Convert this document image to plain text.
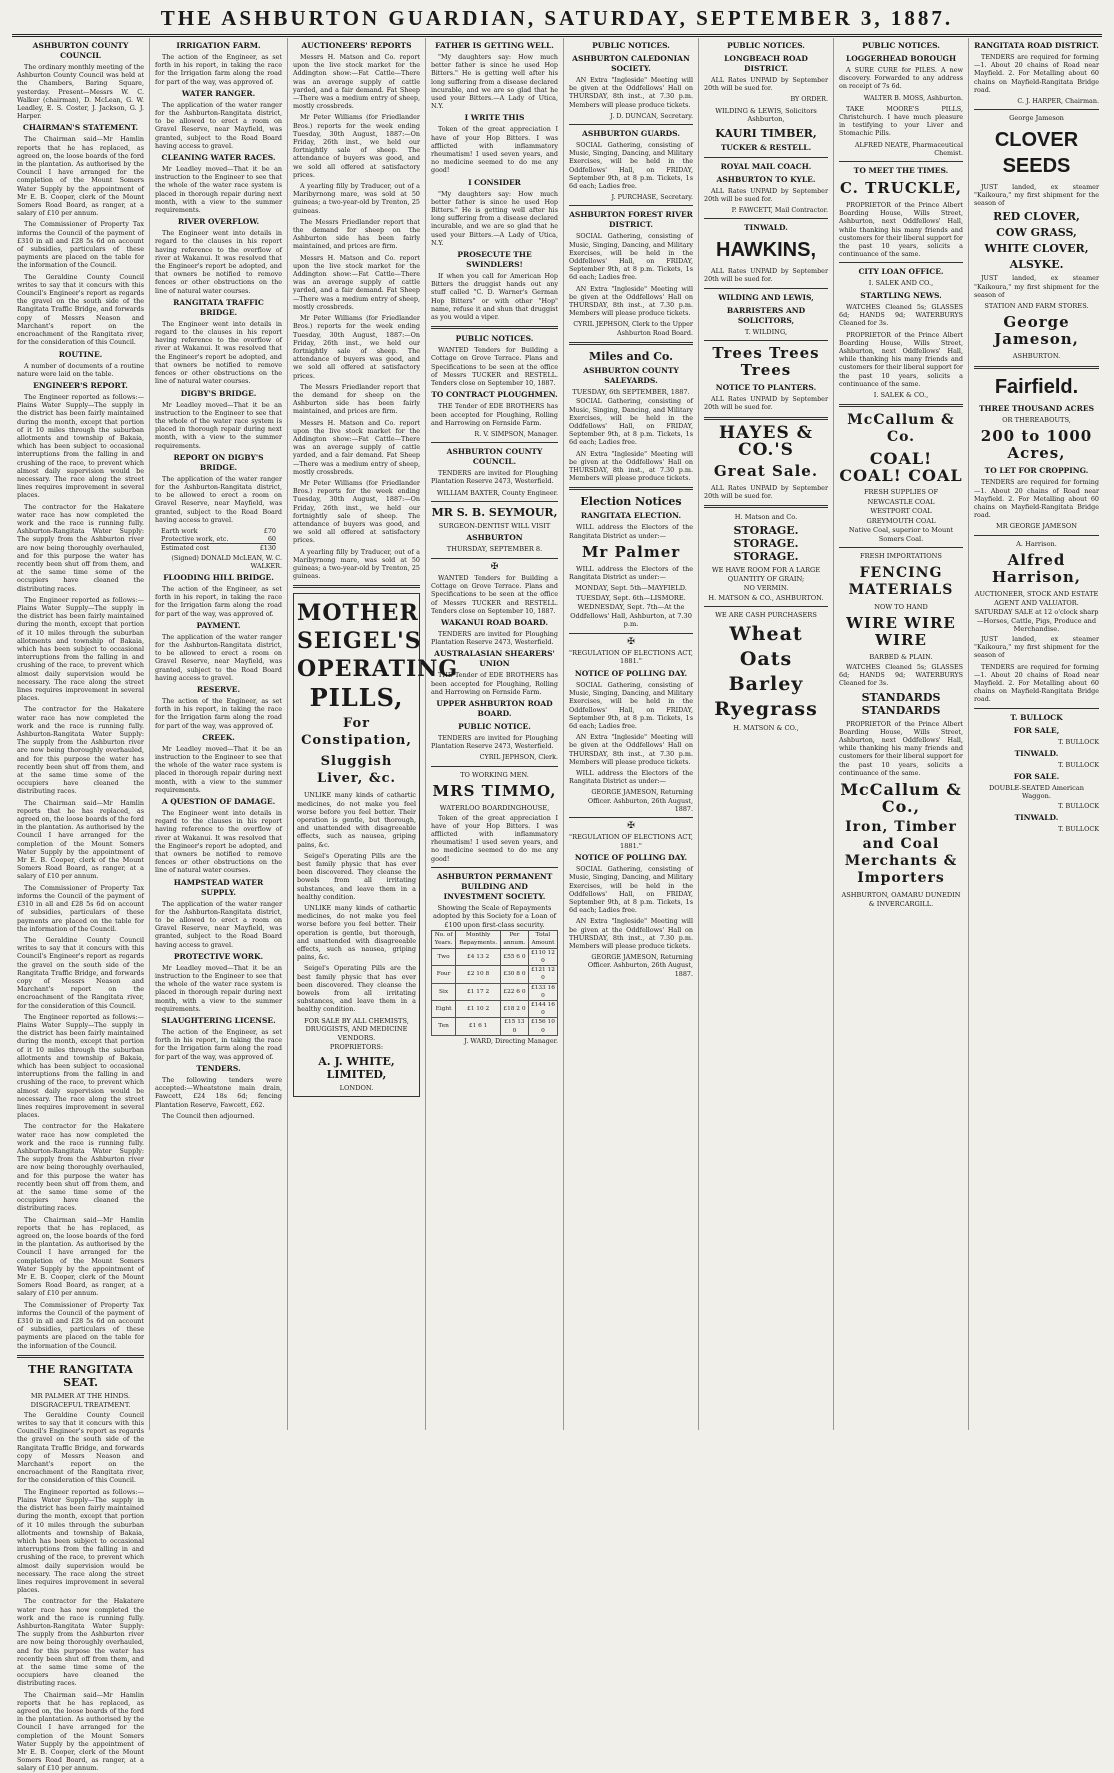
THE ASHBURTON GUARDIAN, SATURDAY, SEPTEMBER 3, 1887.
ASHBURTON COUNTY COUNCIL

The ordinary monthly meeting of the Ashburton County Council was held at the Chambers, Baring Square, yesterday. Present—Messrs W. C. Walker (chairman), D. McLean, G. W. Leadley, E. S. Coster, J. Jackson, G. J. Harper.

CHAIRMAN'S STATEMENT.

The Chairman said—Mr Hamlin reports that he has replaced, as agreed on, the loose boards of the ford in the plantation. As authorised by the Council I have arranged for the completion of the Mount Somers Water Supply by the appointment of Mr E. B. Cooper, clerk of the Mount Somers Road Board, as ranger, at a salary of £10 per annum.

The Commissioner of Property Tax informs the Council of the payment of £310 in all and £28 5s 6d on account of subsidies, particulars of these payments are placed on the table for the information of the Council.

The Geraldine County Council writes to say that it concurs with this Council's Engineer's report as regards the gravel on the south side of the Rangitata Traffic Bridge, and forwards copy of Messrs Neason and Marchant's report on the encroachment of the Rangitata river, for the consideration of this Council.

ROUTINE.

A number of documents of a routine nature were laid on the table.

ENGINEER'S REPORT.

The Engineer reported as follows:—Plains Water Supply—The supply in the district has been fairly maintained during the month, except that portion of it 10 miles through the suburban allotments and township of Bakaia, which has been subject to occasional interruptions from the falling in and crushing of the race, to prevent which almost daily supervision would be necessary. The race along the street lines requires improvement in several places.

The contractor for the Hakatere water race has now completed the work and the race is running fully. Ashburton-Rangitata Water Supply: The supply from the Ashburton river are now being thoroughly overhauled, and for this purpose the water has recently been shut off from them, and at the same time some of the occupiers have cleaned the distributing races.

The Engineer reported as follows:—Plains Water Supply—The supply in the district has been fairly maintained during the month, except that portion of it 10 miles through the suburban allotments and township of Bakaia, which has been subject to occasional interruptions from the falling in and crushing of the race, to prevent which almost daily supervision would be necessary. The race along the street lines requires improvement in several places.

The contractor for the Hakatere water race has now completed the work and the race is running fully. Ashburton-Rangitata Water Supply: The supply from the Ashburton river are now being thoroughly overhauled, and for this purpose the water has recently been shut off from them, and at the same time some of the occupiers have cleaned the distributing races.

The Chairman said—Mr Hamlin reports that he has replaced, as agreed on, the loose boards of the ford in the plantation. As authorised by the Council I have arranged for the completion of the Mount Somers Water Supply by the appointment of Mr E. B. Cooper, clerk of the Mount Somers Road Board, as ranger, at a salary of £10 per annum.

The Commissioner of Property Tax informs the Council of the payment of £310 in all and £28 5s 6d on account of subsidies, particulars of these payments are placed on the table for the information of the Council.

The Geraldine County Council writes to say that it concurs with this Council's Engineer's report as regards the gravel on the south side of the Rangitata Traffic Bridge, and forwards copy of Messrs Neason and Marchant's report on the encroachment of the Rangitata river, for the consideration of this Council.

The Engineer reported as follows:—Plains Water Supply—The supply in the district has been fairly maintained during the month, except that portion of it 10 miles through the suburban allotments and township of Bakaia, which has been subject to occasional interruptions from the falling in and crushing of the race, to prevent which almost daily supervision would be necessary. The race along the street lines requires improvement in several places.

The contractor for the Hakatere water race has now completed the work and the race is running fully. Ashburton-Rangitata Water Supply: The supply from the Ashburton river are now being thoroughly overhauled, and for this purpose the water has recently been shut off from them, and at the same time some of the occupiers have cleaned the distributing races.

The Chairman said—Mr Hamlin reports that he has replaced, as agreed on, the loose boards of the ford in the plantation. As authorised by the Council I have arranged for the completion of the Mount Somers Water Supply by the appointment of Mr E. B. Cooper, clerk of the Mount Somers Road Board, as ranger, at a salary of £10 per annum.

The Commissioner of Property Tax informs the Council of the payment of £310 in all and £28 5s 6d on account of subsidies, particulars of these payments are placed on the table for the information of the Council.

THE RANGITATA SEAT.
MR PALMER AT THE HINDS.
DISGRACEFUL TREATMENT.

The Geraldine County Council writes to say that it concurs with this Council's Engineer's report as regards the gravel on the south side of the Rangitata Traffic Bridge, and forwards copy of Messrs Neason and Marchant's report on the encroachment of the Rangitata river, for the consideration of this Council.

The Engineer reported as follows:—Plains Water Supply—The supply in the district has been fairly maintained during the month, except that portion of it 10 miles through the suburban allotments and township of Bakaia, which has been subject to occasional interruptions from the falling in and crushing of the race, to prevent which almost daily supervision would be necessary. The race along the street lines requires improvement in several places.

The contractor for the Hakatere water race has now completed the work and the race is running fully. Ashburton-Rangitata Water Supply: The supply from the Ashburton river are now being thoroughly overhauled, and for this purpose the water has recently been shut off from them, and at the same time some of the occupiers have cleaned the distributing races.

The Chairman said—Mr Hamlin reports that he has replaced, as agreed on, the loose boards of the ford in the plantation. As authorised by the Council I have arranged for the completion of the Mount Somers Water Supply by the appointment of Mr E. B. Cooper, clerk of the Mount Somers Road Board, as ranger, at a salary of £10 per annum.

IRRIGATION FARM.

The action of the Engineer, as set forth in his report, in taking the race for the Irrigation farm along the road for part of the way, was approved of.

WATER RANGER.

The application of the water ranger for the Ashburton-Rangitata district, to be allowed to erect a room on Gravel Reserve, near Mayfield, was granted, subject to the Road Board having access to gravel.

CLEANING WATER RACES.

Mr Leadley moved—That it be an instruction to the Engineer to see that the whole of the water race system is placed in thorough repair during next month, with a view to the summer requirements.

RIVER OVERFLOW.

The Engineer went into details in regard to the clauses in his report having reference to the overflow of river at Wakanui. It was resolved that the Engineer's report be adopted, and that owners be notified to remove fences or other obstructions on the line of natural water courses.

RANGITATA TRAFFIC BRIDGE.

The Engineer went into details in regard to the clauses in his report having reference to the overflow of river at Wakanui. It was resolved that the Engineer's report be adopted, and that owners be notified to remove fences or other obstructions on the line of natural water courses.

DIGBY'S BRIDGE.

Mr Leadley moved—That it be an instruction to the Engineer to see that the whole of the water race system is placed in thorough repair during next month, with a view to the summer requirements.

REPORT ON DIGBY'S BRIDGE.

The application of the water ranger for the Ashburton-Rangitata district, to be allowed to erect a room on Gravel Reserve, near Mayfield, was granted, subject to the Road Board having access to gravel.

Earth work	£70
Protective work, etc.	60
Estimated cost	£130
(Signed) DONALD McLEAN, W. C. WALKER.
FLOODING HILL BRIDGE.

The action of the Engineer, as set forth in his report, in taking the race for the Irrigation farm along the road for part of the way, was approved of.

PAYMENT.

The application of the water ranger for the Ashburton-Rangitata district, to be allowed to erect a room on Gravel Reserve, near Mayfield, was granted, subject to the Road Board having access to gravel.

RESERVE.

The action of the Engineer, as set forth in his report, in taking the race for the Irrigation farm along the road for part of the way, was approved of.

CREEK.

Mr Leadley moved—That it be an instruction to the Engineer to see that the whole of the water race system is placed in thorough repair during next month, with a view to the summer requirements.

A QUESTION OF DAMAGE.

The Engineer went into details in regard to the clauses in his report having reference to the overflow of river at Wakanui. It was resolved that the Engineer's report be adopted, and that owners be notified to remove fences or other obstructions on the line of natural water courses.

HAMPSTEAD WATER SUPPLY.

The application of the water ranger for the Ashburton-Rangitata district, to be allowed to erect a room on Gravel Reserve, near Mayfield, was granted, subject to the Road Board having access to gravel.

PROTECTIVE WORK.

Mr Leadley moved—That it be an instruction to the Engineer to see that the whole of the water race system is placed in thorough repair during next month, with a view to the summer requirements.

SLAUGHTERING LICENSE.

The action of the Engineer, as set forth in his report, in taking the race for the Irrigation farm along the road for part of the way, was approved of.

TENDERS.

The following tenders were accepted:—Wheatstone main drain, Fawcett, £24 18s 6d; fencing Plantation Reserve, Fawcett, £62.

The Council then adjourned.

AUCTIONEERS' REPORTS

Messrs H. Matson and Co. report upon the live stock market for the Addington show:—Fat Cattle—There was an average supply of cattle yarded, and a fair demand. Fat Sheep—There was a medium entry of sheep, mostly crossbreds.

Mr Peter Williams (for Friedlander Bros.) reports for the week ending Tuesday, 30th August, 1887:—On Friday, 26th inst., we held our fortnightly sale of sheep. The attendance of buyers was good, and we sold all offered at satisfactory prices.

A yearling filly by Traducer, out of a Maribyrnong mare, was sold at 50 guineas; a two-year-old by Trenton, 25 guineas.

The Messrs Friedlander report that the demand for sheep on the Ashburton side has been fairly maintained, and prices are firm.

Messrs H. Matson and Co. report upon the live stock market for the Addington show:—Fat Cattle—There was an average supply of cattle yarded, and a fair demand. Fat Sheep—There was a medium entry of sheep, mostly crossbreds.

Mr Peter Williams (for Friedlander Bros.) reports for the week ending Tuesday, 30th August, 1887:—On Friday, 26th inst., we held our fortnightly sale of sheep. The attendance of buyers was good, and we sold all offered at satisfactory prices.

The Messrs Friedlander report that the demand for sheep on the Ashburton side has been fairly maintained, and prices are firm.

Messrs H. Matson and Co. report upon the live stock market for the Addington show:—Fat Cattle—There was an average supply of cattle yarded, and a fair demand. Fat Sheep—There was a medium entry of sheep, mostly crossbreds.

Mr Peter Williams (for Friedlander Bros.) reports for the week ending Tuesday, 30th August, 1887:—On Friday, 26th inst., we held our fortnightly sale of sheep. The attendance of buyers was good, and we sold all offered at satisfactory prices.

A yearling filly by Traducer, out of a Maribyrnong mare, was sold at 50 guineas; a two-year-old by Trenton, 25 guineas.

MOTHER
SEIGEL'S
OPERATING
PILLS,
For Constipation,
Sluggish Liver, &c.

UNLIKE many kinds of cathartic medicines, do not make you feel worse before you feel better. Their operation is gentle, but thorough, and unattended with disagreeable effects, such as nausea, griping pains, &c.

Seigel's Operating Pills are the best family physic that has ever been discovered. They cleanse the bowels from all irritating substances, and leave them in a healthy condition.

UNLIKE many kinds of cathartic medicines, do not make you feel worse before you feel better. Their operation is gentle, but thorough, and unattended with disagreeable effects, such as nausea, griping pains, &c.

Seigel's Operating Pills are the best family physic that has ever been discovered. They cleanse the bowels from all irritating substances, and leave them in a healthy condition.

FOR SALE BY ALL CHEMISTS, DRUGGISTS, AND MEDICINE VENDORS.
PROPRIETORS:
A. J. WHITE, LIMITED,
LONDON.
FATHER IS GETTING WELL.

"My daughters say: How much better father is since he used Hop Bitters." He is getting well after his long suffering from a disease declared incurable, and we are so glad that he used your Bitters.—A Lady of Utica, N.Y.

I WRITE THIS

Token of the great appreciation I have of your Hop Bitters. I was afflicted with inflammatory rheumatism! I used seven years, and no medicine seemed to do me any good!

I CONSIDER

"My daughters say: How much better father is since he used Hop Bitters." He is getting well after his long suffering from a disease declared incurable, and we are so glad that he used your Bitters.—A Lady of Utica, N.Y.

PROSECUTE THE SWINDLERS!

If when you call for American Hop Bitters the druggist hands out any stuff called "C. D. Warner's German Hop Bitters" or with other "Hop" name, refuse it and shun that druggist as you would a viper.

PUBLIC NOTICES.

WANTED Tenders for Building a Cottage on Grove Terrace. Plans and Specifications to be seen at the office of Messrs TUCKER and RESTELL. Tenders close on September 10, 1887.

TO CONTRACT PLOUGHMEN.

THE Tender of EDE BROTHERS has been accepted for Ploughing, Rolling and Harrowing on Fernside Farm.

R. V. SIMPSON, Manager.
ASHBURTON COUNTY COUNCIL.

TENDERS are invited for Ploughing Plantation Reserve 2473, Westerfield.

WILLIAM BAXTER, County Engineer.
MR S. B. SEYMOUR,
SURGEON-DENTIST WILL VISIT
ASHBURTON
THURSDAY, SEPTEMBER 8.
✠

WANTED Tenders for Building a Cottage on Grove Terrace. Plans and Specifications to be seen at the office of Messrs TUCKER and RESTELL. Tenders close on September 10, 1887.

WAKANUI ROAD BOARD.

TENDERS are invited for Ploughing Plantation Reserve 2473, Westerfield.

AUSTRALASIAN SHEARERS' UNION

THE Tender of EDE BROTHERS has been accepted for Ploughing, Rolling and Harrowing on Fernside Farm.

UPPER ASHBURTON ROAD BOARD.
PUBLIC NOTICE.

TENDERS are invited for Ploughing Plantation Reserve 2473, Westerfield.

CYRIL JEPHSON, Clerk.
TO WORKING MEN.
MRS TIMMO,
WATERLOO BOARDINGHOUSE,

Token of the great appreciation I have of your Hop Bitters. I was afflicted with inflammatory rheumatism! I used seven years, and no medicine seemed to do me any good!

ASHBURTON PERMANENT BUILDING AND INVESTMENT SOCIETY.
Showing the Scale of Repayments adopted by this Society for a Loan of £100 upon first-class security.
No. of Years.	Monthly Repayments.	Per annum.	Total Amount
Two	£4 13 2	£55 6 0	£110 12 0
Four	£2 10 8	£30 8 0	£121 12 0
Six	£1 17 2	£22 6 0	£133 16 0
Eight	£1 10 2	£18 2 0	£144 16 0
Ten	£1 6 1	£15 13 0	£156 10 0
J. WARD, Directing Manager.
PUBLIC NOTICES.
ASHBURTON CALEDONIAN SOCIETY.

AN Extra "Ingleside" Meeting will be given at the Oddfellows' Hall on THURSDAY, 8th inst., at 7.30 p.m. Members will please produce tickets.

J. D. DUNCAN, Secretary.
ASHBURTON GUARDS.

SOCIAL Gathering, consisting of Music, Singing, Dancing, and Military Exercises, will be held in the Oddfellows' Hall, on FRIDAY, September 9th, at 8 p.m. Tickets, 1s 6d each; Ladies free.

J. PURCHASE, Secretary.
ASHBURTON FOREST RIVER DISTRICT.

SOCIAL Gathering, consisting of Music, Singing, Dancing, and Military Exercises, will be held in the Oddfellows' Hall, on FRIDAY, September 9th, at 8 p.m. Tickets, 1s 6d each; Ladies free.

AN Extra "Ingleside" Meeting will be given at the Oddfellows' Hall on THURSDAY, 8th inst., at 7.30 p.m. Members will please produce tickets.

CYRIL JEPHSON, Clerk to the Upper Ashburton Road Board.
Miles and Co.
ASHBURTON COUNTY SALEYARDS.
TUESDAY, 6th SEPTEMBER, 1887.

SOCIAL Gathering, consisting of Music, Singing, Dancing, and Military Exercises, will be held in the Oddfellows' Hall, on FRIDAY, September 9th, at 8 p.m. Tickets, 1s 6d each; Ladies free.

AN Extra "Ingleside" Meeting will be given at the Oddfellows' Hall on THURSDAY, 8th inst., at 7.30 p.m. Members will please produce tickets.

Election Notices
RANGITATA ELECTION.

WILL address the Electors of the Rangitata District as under:—

Mr Palmer

WILL address the Electors of the Rangitata District as under:—

MONDAY, Sept. 5th—MAYFIELD.
TUESDAY, Sept. 6th—LISMORE.
WEDNESDAY, Sept. 7th—At the Oddfellows' Hall, Ashburton, at 7.30 p.m.
✠
"REGULATION OF ELECTIONS ACT, 1881."
NOTICE OF POLLING DAY.

SOCIAL Gathering, consisting of Music, Singing, Dancing, and Military Exercises, will be held in the Oddfellows' Hall, on FRIDAY, September 9th, at 8 p.m. Tickets, 1s 6d each; Ladies free.

AN Extra "Ingleside" Meeting will be given at the Oddfellows' Hall on THURSDAY, 8th inst., at 7.30 p.m. Members will please produce tickets.

WILL address the Electors of the Rangitata District as under:—

GEORGE JAMESON, Returning Officer. Ashburton, 26th August, 1887.
✠
"REGULATION OF ELECTIONS ACT, 1881."
NOTICE OF POLLING DAY.

SOCIAL Gathering, consisting of Music, Singing, Dancing, and Military Exercises, will be held in the Oddfellows' Hall, on FRIDAY, September 9th, at 8 p.m. Tickets, 1s 6d each; Ladies free.

AN Extra "Ingleside" Meeting will be given at the Oddfellows' Hall on THURSDAY, 8th inst., at 7.30 p.m. Members will please produce tickets.

GEORGE JAMESON, Returning Officer. Ashburton, 26th August, 1887.
PUBLIC NOTICES.
LONGBEACH ROAD DISTRICT.

ALL Rates UNPAID by September 20th will be sued for.

BY ORDER.
WILDING & LEWIS, Solicitors Ashburton,
KAURI TIMBER,
TUCKER & RESTELL.
ROYAL MAIL COACH.
ASHBURTON TO KYLE.

ALL Rates UNPAID by September 20th will be sued for.

P. FAWCETT, Mail Contractor.
TINWALD.
HAWKINS,

ALL Rates UNPAID by September 20th will be sued for.

WILDING AND LEWIS,
BARRISTERS AND SOLICITORS,
T. WILDING,
Trees Trees Trees
NOTICE TO PLANTERS.

ALL Rates UNPAID by September 20th will be sued for.

HAYES & CO.'S
Great Sale.

ALL Rates UNPAID by September 20th will be sued for.

H. Matson and Co.
STORAGE. STORAGE. STORAGE.
WE HAVE ROOM FOR A LARGE QUANTITY OF GRAIN;
NO VERMIN.
H. MATSON & CO., ASHBURTON.
WE ARE CASH PURCHASERS
Wheat
Oats
Barley
Ryegrass
H. MATSON & CO.,
PUBLIC NOTICES.
LOGGERHEAD BOROUGH

A SURE CURE for PILES. A new discovery. Forwarded to any address on receipt of 7s 6d.

WALTER B. MOSS, Ashburton.

TAKE MOORE'S PILLS, Christchurch. I have much pleasure in testifying to your Liver and Stomachic Pills.

ALFRED NEATE, Pharmaceutical Chemist.
TO MEET THE TIMES.
C. TRUCKLE,

PROPRIETOR of the Prince Albert Boarding House, Wills Street, Ashburton, next Oddfellows' Hall, while thanking his many friends and customers for their liberal support for the past 10 years, solicits a continuance of the same.

CITY LOAN OFFICE.
I. SALEK AND CO.,
STARTLING NEWS.

WATCHES Cleaned 5s; GLASSES 6d; HANDS 9d; WATERBURYS Cleaned for 3s.

PROPRIETOR of the Prince Albert Boarding House, Wills Street, Ashburton, next Oddfellows' Hall, while thanking his many friends and customers for their liberal support for the past 10 years, solicits a continuance of the same.

I. SALEK & CO.,
McCallum & Co.
COAL! COAL! COAL
FRESH SUPPLIES OF
NEWCASTLE COAL
WESTPORT COAL
GREYMOUTH COAL
Native Coal, superior to Mount Somers Coal.
FRESH IMPORTATIONS
FENCING MATERIALS
NOW TO HAND
WIRE WIRE WIRE
BARBED & PLAIN.

WATCHES Cleaned 5s; GLASSES 6d; HANDS 9d; WATERBURYS Cleaned for 3s.

STANDARDS STANDARDS

PROPRIETOR of the Prince Albert Boarding House, Wills Street, Ashburton, next Oddfellows' Hall, while thanking his many friends and customers for their liberal support for the past 10 years, solicits a continuance of the same.

McCallum & Co.,
Iron, Timber and Coal Merchants & Importers
ASHBURTON, OAMARU DUNEDIN & INVERCARGILL.
RANGITATA ROAD DISTRICT.

TENDERS are required for forming—1. About 20 chains of Road near Mayfield. 2. For Metalling about 60 chains on Mayfield-Rangitata Bridge road.

C. J. HARPER, Chairman.
George Jameson
CLOVER SEEDS

JUST landed, ex steamer "Kaikoura," my first shipment for the season of

RED CLOVER,
COW GRASS,
WHITE CLOVER,
ALSYKE.

JUST landed, ex steamer "Kaikoura," my first shipment for the season of

STATION AND FARM STORES.
George Jameson,
ASHBURTON.
Fairfield.
THREE THOUSAND ACRES
OR THEREABOUTS,
200 to 1000 Acres,
TO LET FOR CROPPING.

TENDERS are required for forming—1. About 20 chains of Road near Mayfield. 2. For Metalling about 60 chains on Mayfield-Rangitata Bridge road.

MR GEORGE JAMESON
A. Harrison.
Alfred Harrison,
AUCTIONEER, STOCK AND ESTATE AGENT AND VALUATOR.
SATURDAY SALE at 12 o'clock sharp —Horses, Cattle, Pigs, Produce and Merchandise.

JUST landed, ex steamer "Kaikoura," my first shipment for the season of

TENDERS are required for forming—1. About 20 chains of Road near Mayfield. 2. For Metalling about 60 chains on Mayfield-Rangitata Bridge road.

T. BULLOCK
FOR SALE,
T. BULLOCK
TINWALD.
T. BULLOCK
FOR SALE.
DOUBLE-SEATED American Waggon.
T. BULLOCK
TINWALD.
T. BULLOCK
